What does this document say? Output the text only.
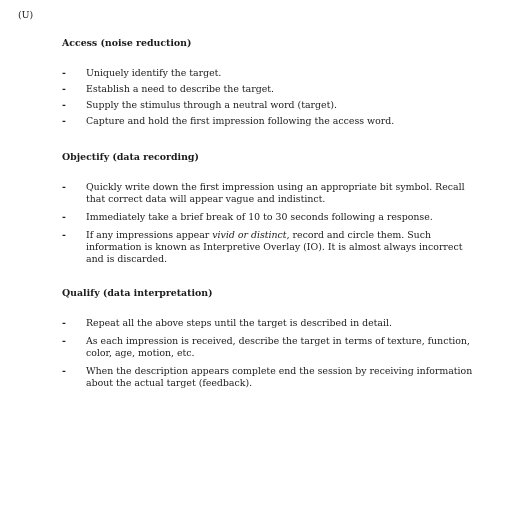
(U)
Access (noise reduction)
- Uniquely identify the target.
- Establish a need to describe the target.
- Supply the stimulus through a neutral word (target).
- Capture and hold the first impression following the access word.
Objectify (data recording)
- Quickly write down the first impression using an appropriate bit symbol. Recall that correct data will appear vague and indistinct.
- Immediately take a brief break of 10 to 30 seconds following a response.
- If any impressions appear vivid or distinct, record and circle them. Such information is known as Interpretive Overlay (IO). It is almost always incorrect and is discarded.
Qualify (data interpretation)
- Repeat all the above steps until the target is described in detail.
- As each impression is received, describe the target in terms of texture, function, color, age, motion, etc.
- When the description appears complete end the session by receiving information about the actual target (feedback).
